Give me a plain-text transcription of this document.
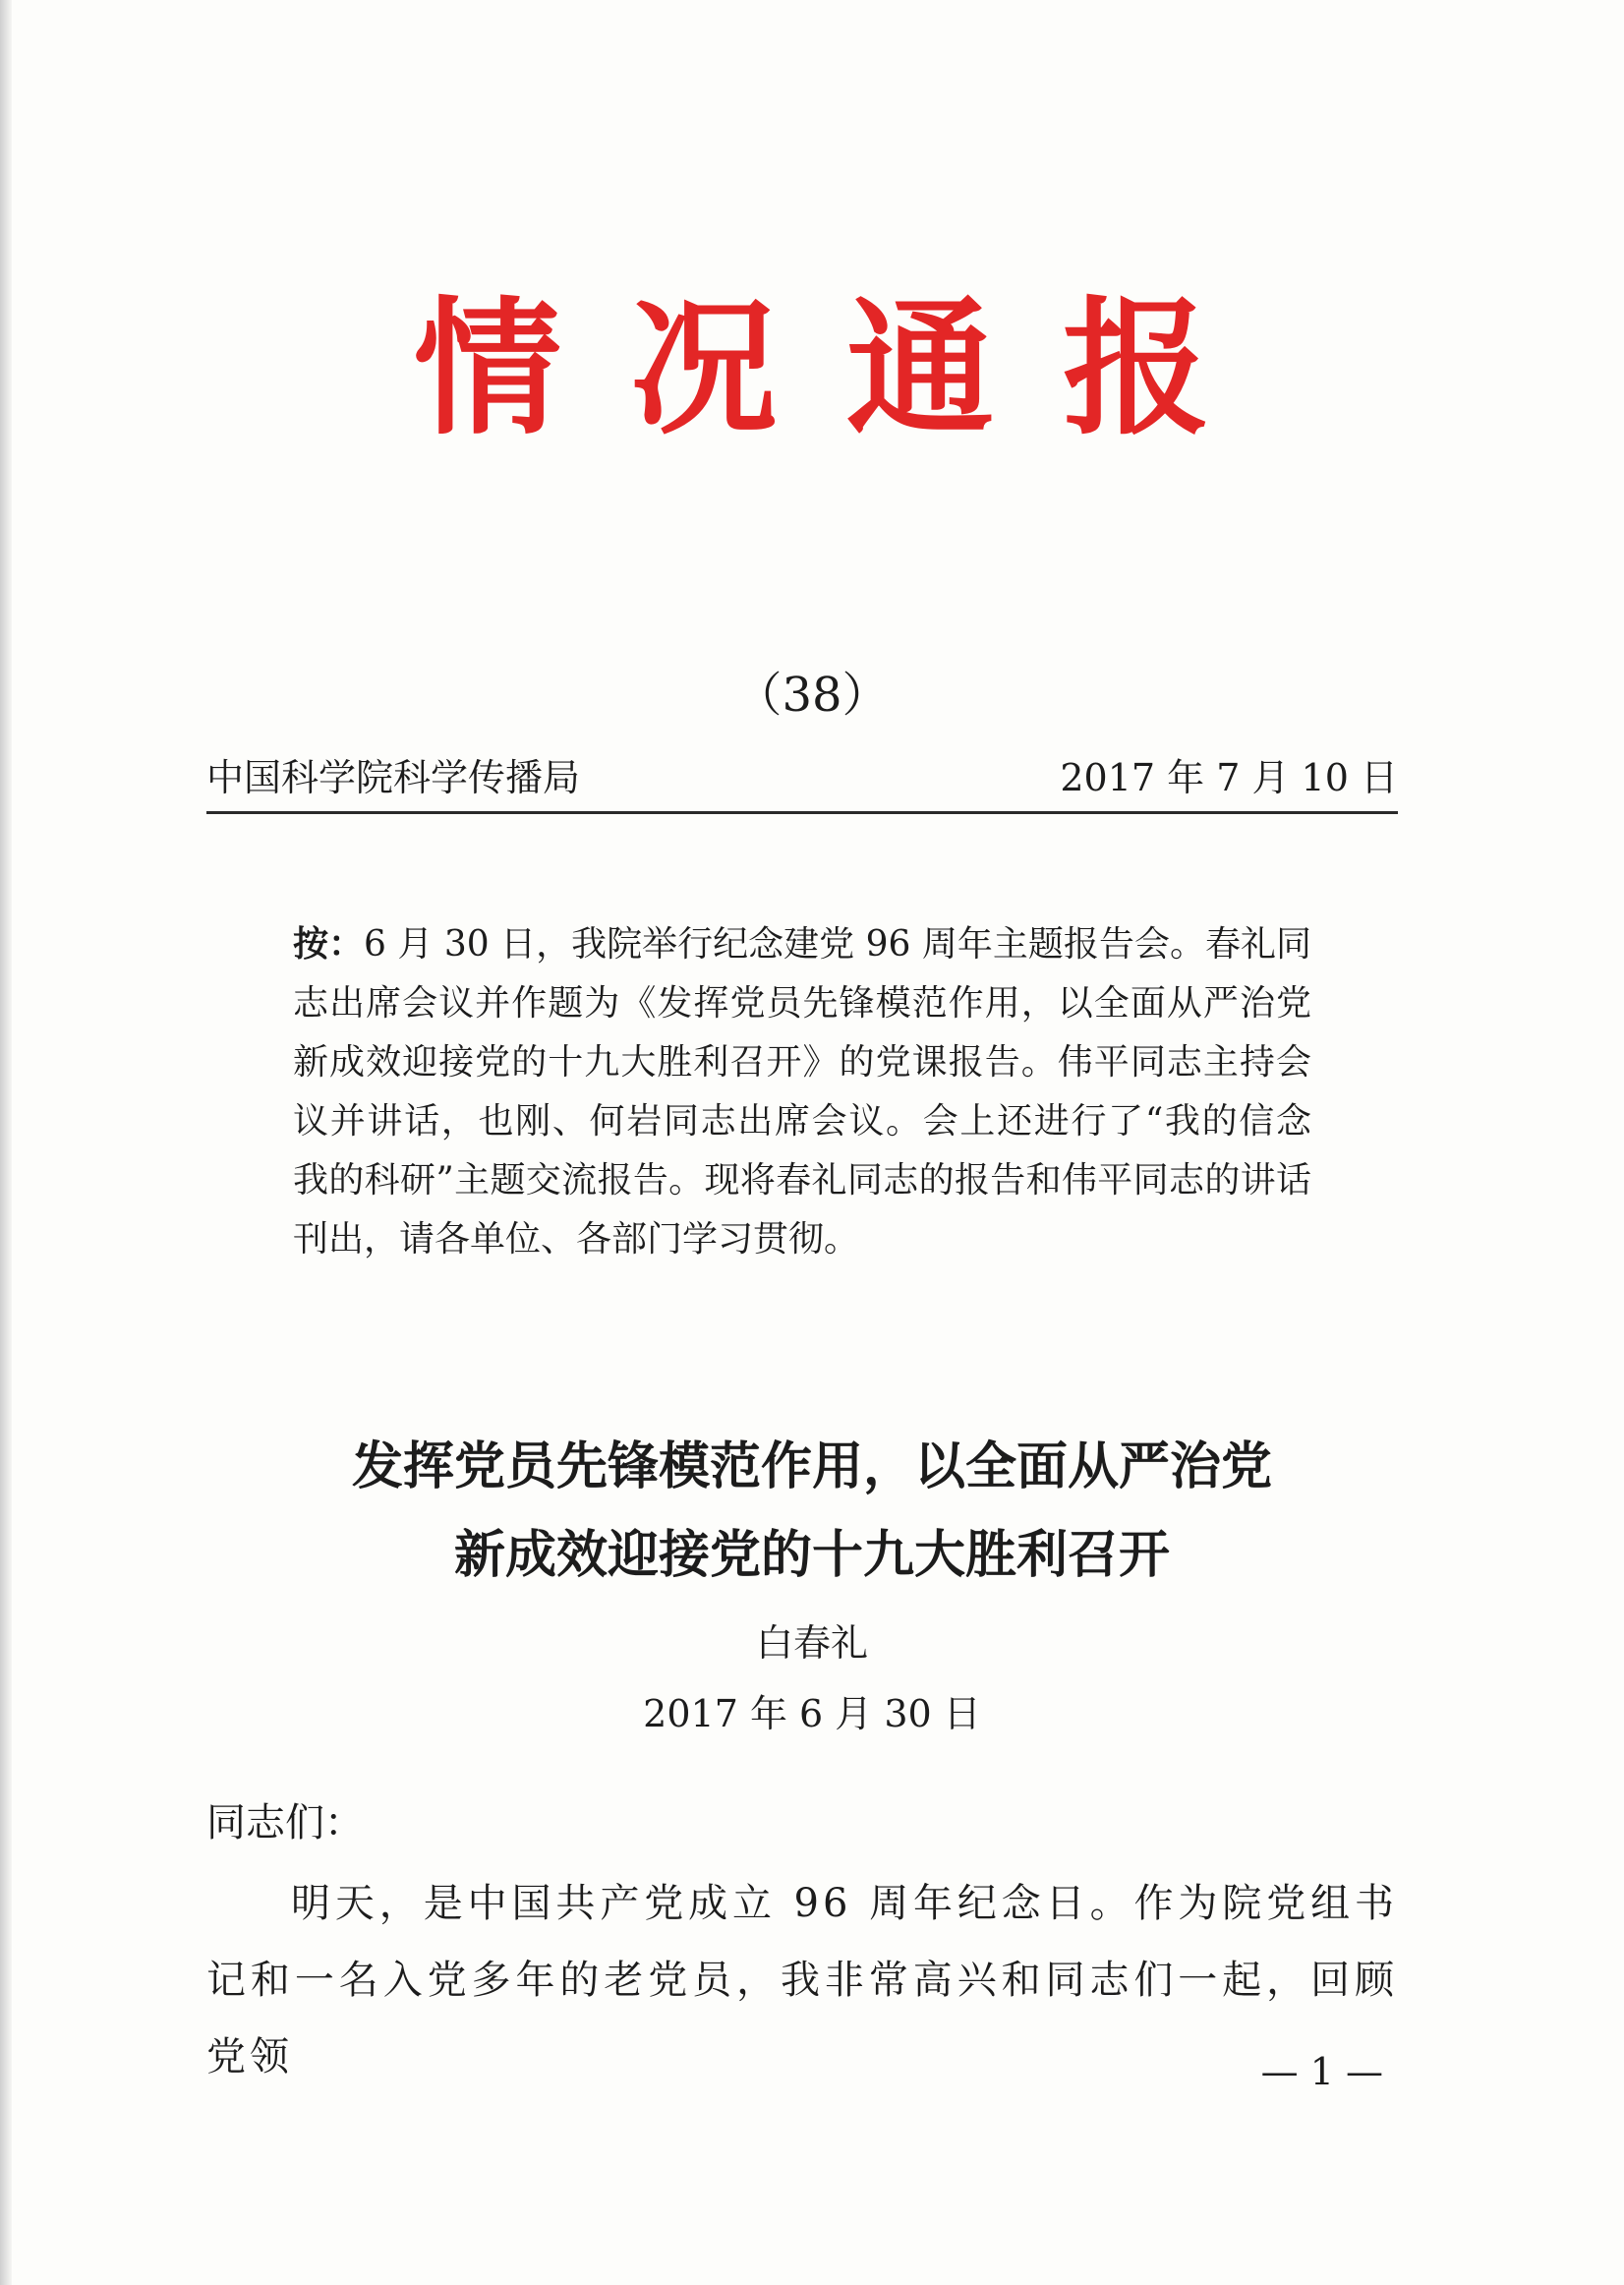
情况通报
（38）
中国科学院科学传播局	2017 年 7 月 10 日
按：6 月 30 日，我院举行纪念建党 96 周年主题报告会。春礼同志出席会议并作题为《发挥党员先锋模范作用，以全面从严治党新成效迎接党的十九大胜利召开》的党课报告。伟平同志主持会议并讲话，也刚、何岩同志出席会议。会上还进行了“我的信念 我的科研”主题交流报告。现将春礼同志的报告和伟平同志的讲话刊出，请各单位、各部门学习贯彻。
发挥党员先锋模范作用，以全面从严治党
新成效迎接党的十九大胜利召开
白春礼
2017 年 6 月 30 日
同志们：
明天，是中国共产党成立 96 周年纪念日。作为院党组书记和一名入党多年的老党员，我非常高兴和同志们一起，回顾党领	— 1 —
